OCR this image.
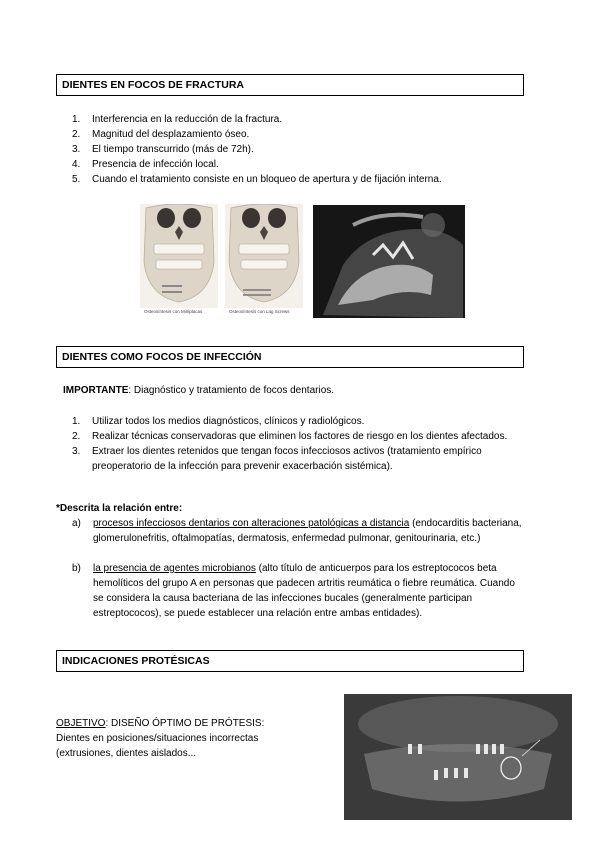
DIENTES EN FOCOS DE FRACTURA
1. Interferencia en la reducción de la fractura.
2. Magnitud del desplazamiento óseo.
3. El tiempo transcurrido (más de 72h).
4. Presencia de infección local.
5. Cuando el tratamiento consiste en un bloqueo de apertura y de fijación interna.
Osteosíntesis con Miniplacas	Osteosíntesis con Lag Screws
DIENTES COMO FOCOS DE INFECCIÓN
IMPORTANTE: Diagnóstico y tratamiento de focos dentarios.
1. Utilizar todos los medios diagnósticos, clínicos y radiológicos.
2. Realizar técnicas conservadoras que eliminen los factores de riesgo en los dientes afectados.
3. Extraer los dientes retenidos que tengan focos infecciosos activos (tratamiento empírico preoperatorio de la infección para prevenir exacerbación sistémica).
*Descrita la relación entre:
a)	procesos infecciosos dentarios con alteraciones patológicas a distancia (endocarditis bacteriana, glomerulonefritis, oftalmopatías, dermatosis, enfermedad pulmonar, genitourinaria, etc.)
b)	la presencia de agentes microbianos (alto título de anticuerpos para los estreptococos beta hemolíticos del grupo A en personas que padecen artritis reumática o fiebre reumática. Cuando se considera la causa bacteriana de las infecciones bucales (generalmente participan estreptococos), se puede establecer una relación entre ambas entidades).
INDICACIONES PROTÉSICAS
OBJETIVO: DISEÑO ÓPTIMO DE PRÓTESIS:
Dientes en posiciones/situaciones incorrectas (extrusiones, dientes aislados...
